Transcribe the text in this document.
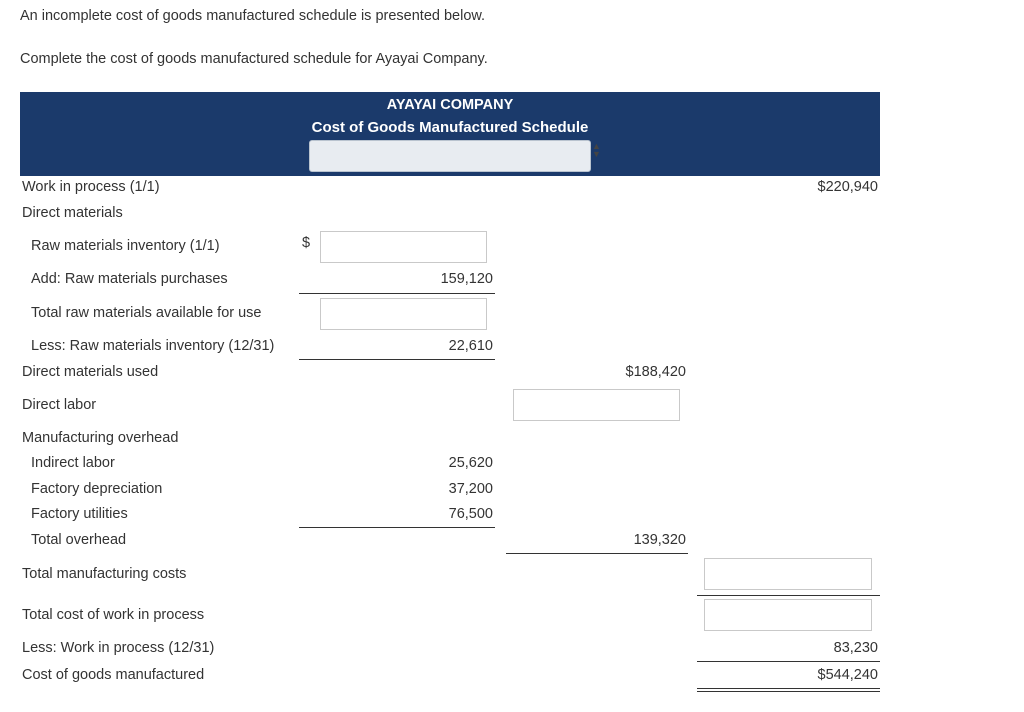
An incomplete cost of goods manufactured schedule is presented below.
Complete the cost of goods manufactured schedule for Ayayai Company.
AYAYAI COMPANY
Cost of Goods Manufactured Schedule
▲
▼
Work in process (1/1)	$220,940
Direct materials
Raw materials inventory (1/1)	$
Add: Raw materials purchases	159,120
Total raw materials available for use
Less: Raw materials inventory (12/31)	22,610
Direct materials used	$188,420
Direct labor
Manufacturing overhead
Indirect labor	25,620
Factory depreciation	37,200
Factory utilities	76,500
Total overhead	139,320
Total manufacturing costs
Total cost of work in process
Less: Work in process (12/31)	83,230
Cost of goods manufactured	$544,240
